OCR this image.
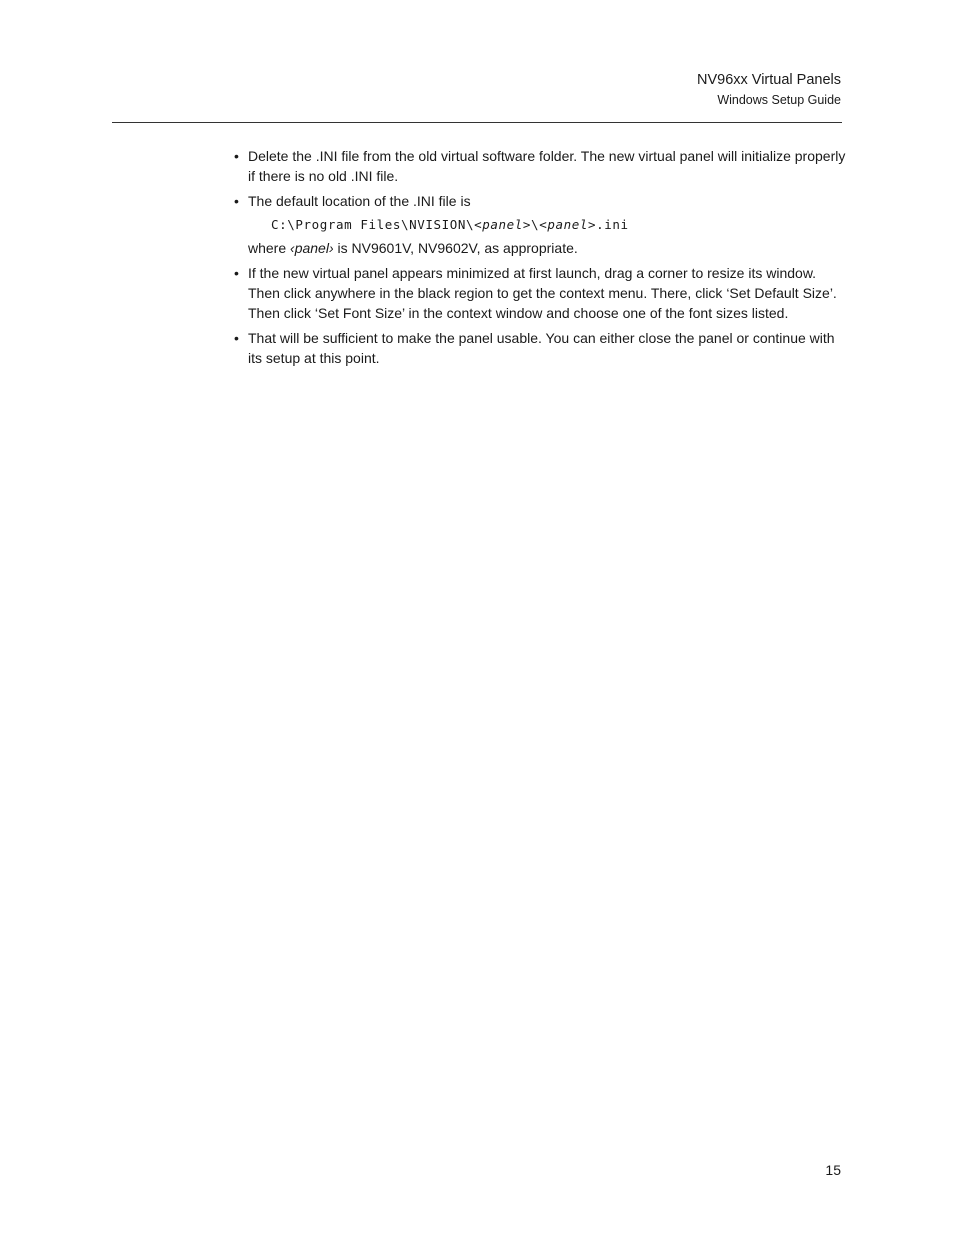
NV96xx Virtual Panels
Windows Setup Guide
• Delete the .INI file from the old virtual software folder. The new virtual panel will initialize properly if there is no old .INI file.
• The default location of the .INI file is
C:\Program Files\NVISION\<panel>\<panel>.ini
where ‹panel› is NV9601V, NV9602V, as appropriate.
• If the new virtual panel appears minimized at first launch, drag a corner to resize its window. Then click anywhere in the black region to get the context menu. There, click ‘Set Default Size’. Then click ‘Set Font Size’ in the context window and choose one of the font sizes listed.
• That will be sufficient to make the panel usable. You can either close the panel or continue with its setup at this point.
15
